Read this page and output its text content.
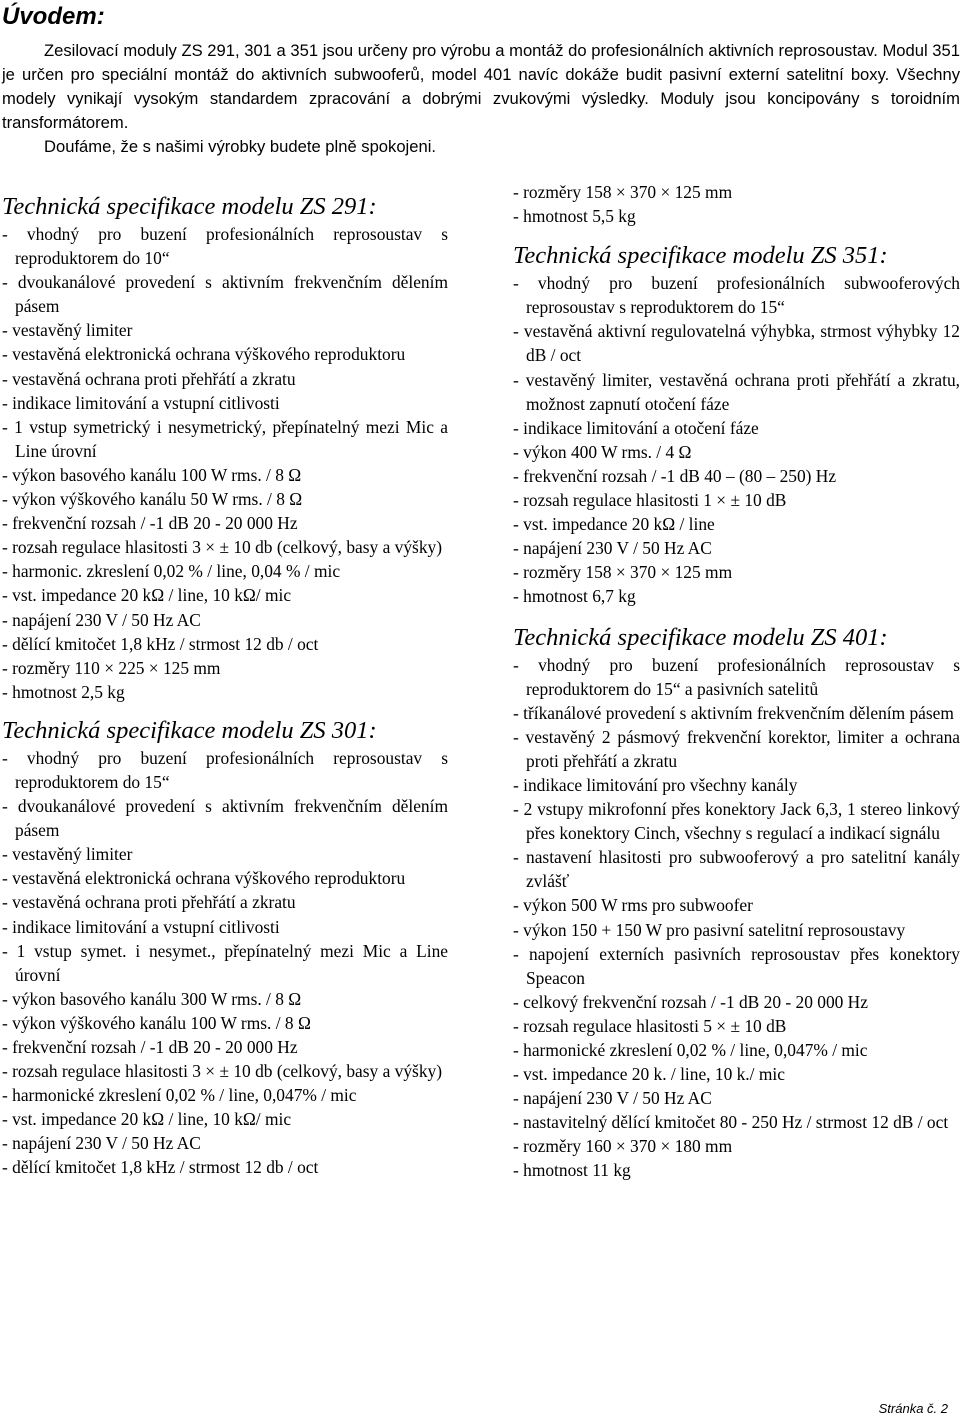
Úvodem:

Zesilovací moduly ZS 291, 301 a 351 jsou určeny pro výrobu a montáž do profesionálních aktivních reprosoustav. Modul 351 je určen pro speciální montáž do aktivních subwooferů, model 401 navíc dokáže budit pasivní externí satelitní boxy. Všechny modely vynikají vysokým standardem zpracování a dobrými zvukovými výsledky. Moduly jsou koncipovány s toroidním transformátorem.

Doufáme, že s našimi výrobky budete plně spokojeni.

Technická specifikace modelu ZS 291:
- vhodný pro buzení profesionálních reprosoustav s reproduktorem do 10“
- dvoukanálové provedení s aktivním frekvenčním dělením pásem
- vestavěný limiter
- vestavěná elektronická ochrana výškového reproduktoru
- vestavěná ochrana proti přehřátí a zkratu
- indikace limitování a vstupní citlivosti
- 1 vstup symetrický i nesymetrický, přepínatelný mezi Mic a Line úrovní
- výkon basového kanálu 100 W rms. / 8 Ω
- výkon výškového kanálu 50 W rms. / 8 Ω
- frekvenční rozsah / -1 dB 20 - 20 000 Hz
- rozsah regulace hlasitosti 3 × ± 10 db (celkový, basy a výšky)
- harmonic. zkreslení 0,02 % / line, 0,04 % / mic
- vst. impedance 20 kΩ / line, 10 kΩ/ mic
- napájení 230 V / 50 Hz AC
- dělící kmitočet 1,8 kHz / strmost 12 db / oct
- rozměry 110 × 225 × 125 mm
- hmotnost 2,5 kg
Technická specifikace modelu ZS 301:
- vhodný pro buzení profesionálních reprosoustav s reproduktorem do 15“
- dvoukanálové provedení s aktivním frekvenčním dělením pásem
- vestavěný limiter
- vestavěná elektronická ochrana výškového reproduktoru
- vestavěná ochrana proti přehřátí a zkratu
- indikace limitování a vstupní citlivosti
- 1 vstup symet. i nesymet., přepínatelný mezi Mic a Line úrovní
- výkon basového kanálu 300 W rms. / 8 Ω
- výkon výškového kanálu 100 W rms. / 8 Ω
- frekvenční rozsah / -1 dB 20 - 20 000 Hz
- rozsah regulace hlasitosti 3 × ± 10 db (celkový, basy a výšky)
- harmonické zkreslení 0,02 % / line, 0,047% / mic
- vst. impedance 20 kΩ / line, 10 kΩ/ mic
- napájení 230 V / 50 Hz AC
- dělící kmitočet 1,8 kHz / strmost 12 db / oct
- rozměry 158 × 370 × 125 mm
- hmotnost 5,5 kg
Technická specifikace modelu ZS 351:
- vhodný pro buzení profesionálních subwooferových reprosoustav s reproduktorem do 15“
- vestavěná aktivní regulovatelná výhybka, strmost výhybky 12 dB / oct
- vestavěný limiter, vestavěná ochrana proti přehřátí a zkratu, možnost zapnutí otočení fáze
- indikace limitování a otočení fáze
- výkon 400 W rms. / 4 Ω
- frekvenční rozsah / -1 dB 40 – (80 – 250) Hz
- rozsah regulace hlasitosti 1 × ± 10 dB
- vst. impedance 20 kΩ / line
- napájení 230 V / 50 Hz AC
- rozměry 158 × 370 × 125 mm
- hmotnost 6,7 kg
Technická specifikace modelu ZS 401:
- vhodný pro buzení profesionálních reprosoustav s reproduktorem do 15“ a pasivních satelitů
- tříkanálové provedení s aktivním frekvenčním dělením pásem
- vestavěný 2 pásmový frekvenční korektor, limiter a ochrana proti přehřátí a zkratu
- indikace limitování pro všechny kanály
- 2 vstupy mikrofonní přes konektory Jack 6,3, 1 stereo linkový přes konektory Cinch, všechny s regulací a indikací signálu
- nastavení hlasitosti pro subwooferový a pro satelitní kanály zvlášť
- výkon 500 W rms pro subwoofer
- výkon 150 + 150 W pro pasivní satelitní reprosoustavy
- napojení externích pasivních reprosoustav přes konektory Speacon
- celkový frekvenční rozsah / -1 dB 20 - 20 000 Hz
- rozsah regulace hlasitosti 5 × ± 10 dB
- harmonické zkreslení 0,02 % / line, 0,047% / mic
- vst. impedance 20 k. / line, 10 k./ mic
- napájení 230 V / 50 Hz AC
- nastavitelný dělící kmitočet 80 - 250 Hz / strmost 12 dB / oct
- rozměry 160 × 370 × 180 mm
- hmotnost 11 kg
Stránka č. 2
